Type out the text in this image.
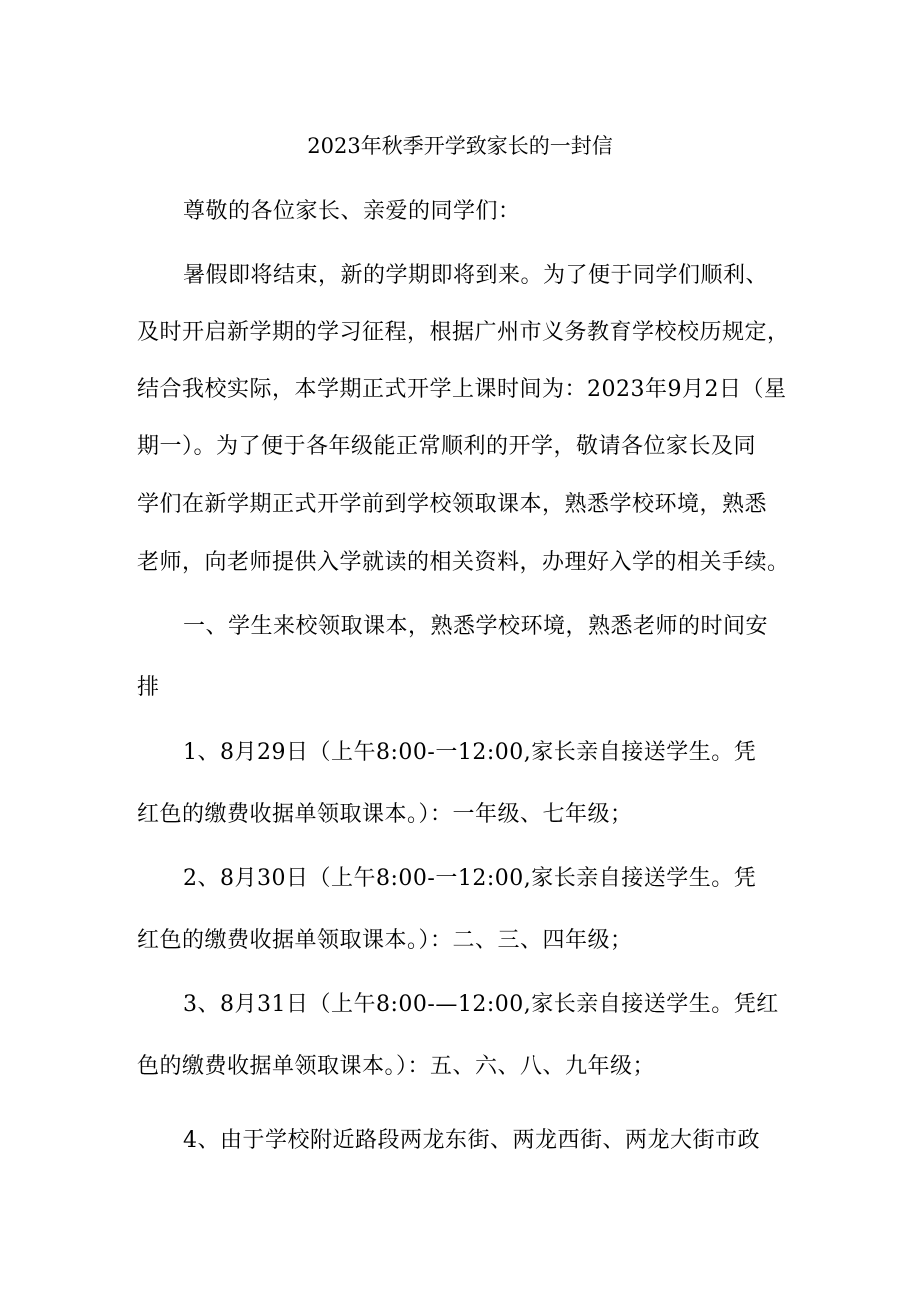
2023年秋季开学致家长的一封信
尊敬的各位家长、亲爱的同学们：
暑假即将结束，新的学期即将到来。为了便于同学们顺利、
及时开启新学期的学习征程，根据广州市义务教育学校校历规定，
结合我校实际，本学期正式开学上课时间为：2023年9月2日（星
期一）。为了便于各年级能正常顺利的开学，敬请各位家长及同
学们在新学期正式开学前到学校领取课本，熟悉学校环境，熟悉
老师，向老师提供入学就读的相关资料，办理好入学的相关手续。
一、学生来校领取课本，熟悉学校环境，熟悉老师的时间安
排
1、8月29日（上午8:00-一12:00,家长亲自接送学生。凭
红色的缴费收据单领取课本。）：一年级、七年级；
2、8月30日（上午8:00-一12:00,家长亲自接送学生。凭
红色的缴费收据单领取课本。）：二、三、四年级；
3、8月31日（上午8:00-—12:00,家长亲自接送学生。凭红
色的缴费收据单领取课本。）：五、六、八、九年级；
4、由于学校附近路段两龙东街、两龙西街、两龙大街市政
